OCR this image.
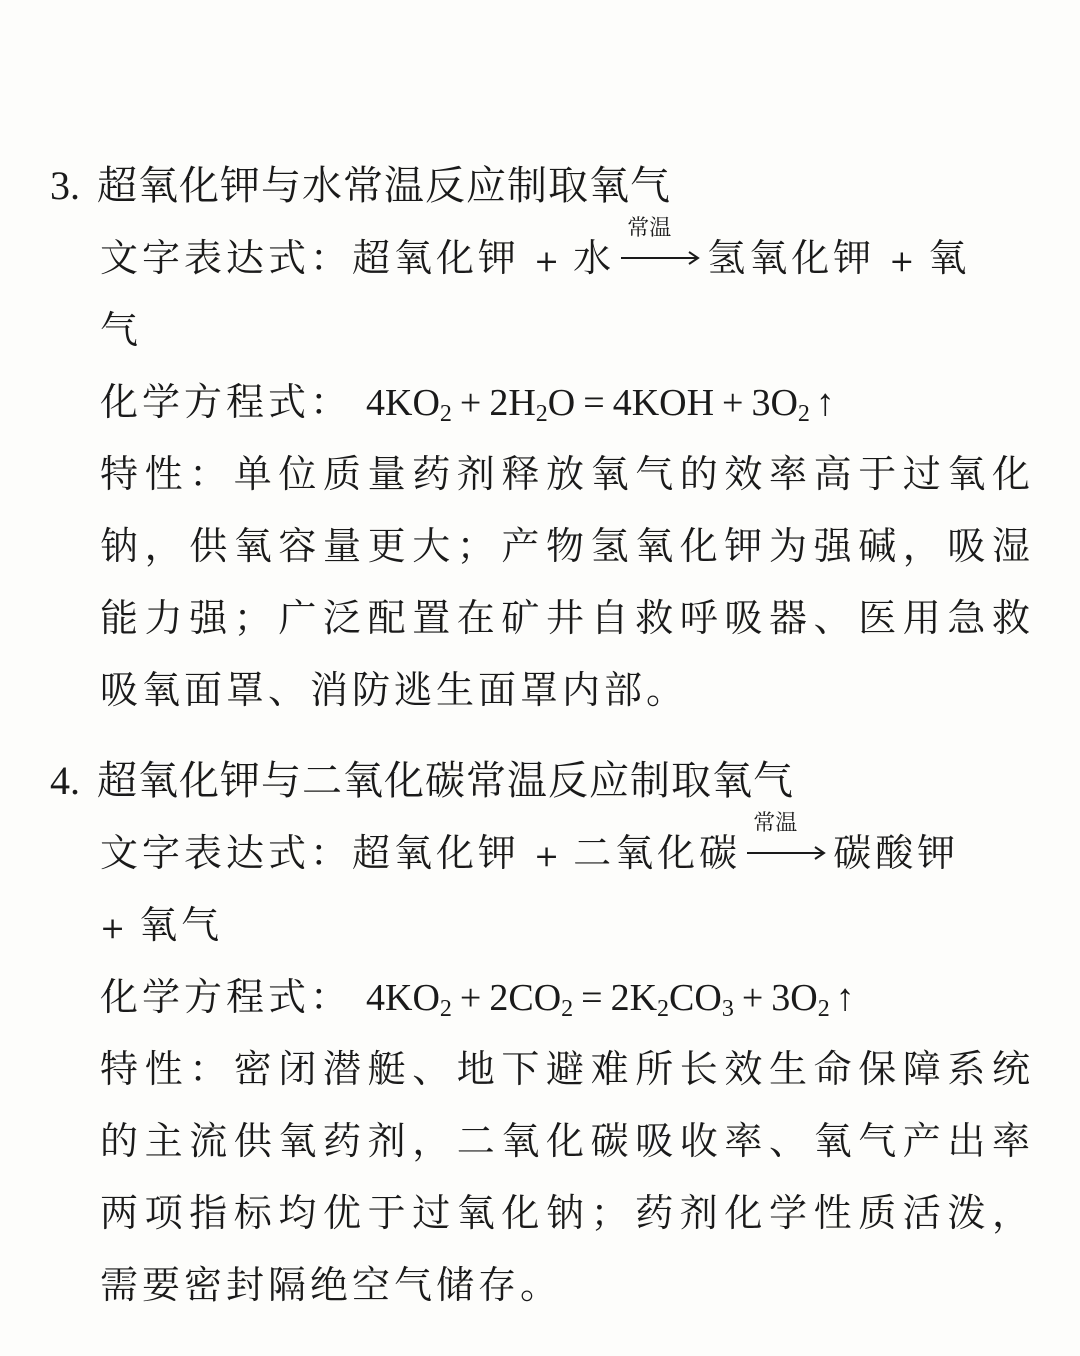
3. 超氧化钾与水常温反应制取氧气
文字表达式：超氧化钾 + 水
常温
氢氧化钾 + 氧
气
化学方程式： $4KO_2 + 2H_2O = 4KOH + 3O_2$ ↑
特性：单位质量药剂释放氧气的效率高于过氧化
钠，供氧容量更大；产物氢氧化钾为强碱，吸湿
能力强；广泛配置在矿井自救呼吸器、医用急救
吸氧面罩、消防逃生面罩内部。
4. 超氧化钾与二氧化碳常温反应制取氧气
文字表达式：超氧化钾 + 二氧化碳
常温
碳酸钾
+ 氧气
化学方程式： $4KO_2 + 2CO_2 = 2K_2CO_3 + 3O_2$ ↑
特性：密闭潜艇、地下避难所长效生命保障系统
的主流供氧药剂，二氧化碳吸收率、氧气产出率
两项指标均优于过氧化钠；药剂化学性质活泼，
需要密封隔绝空气储存。
